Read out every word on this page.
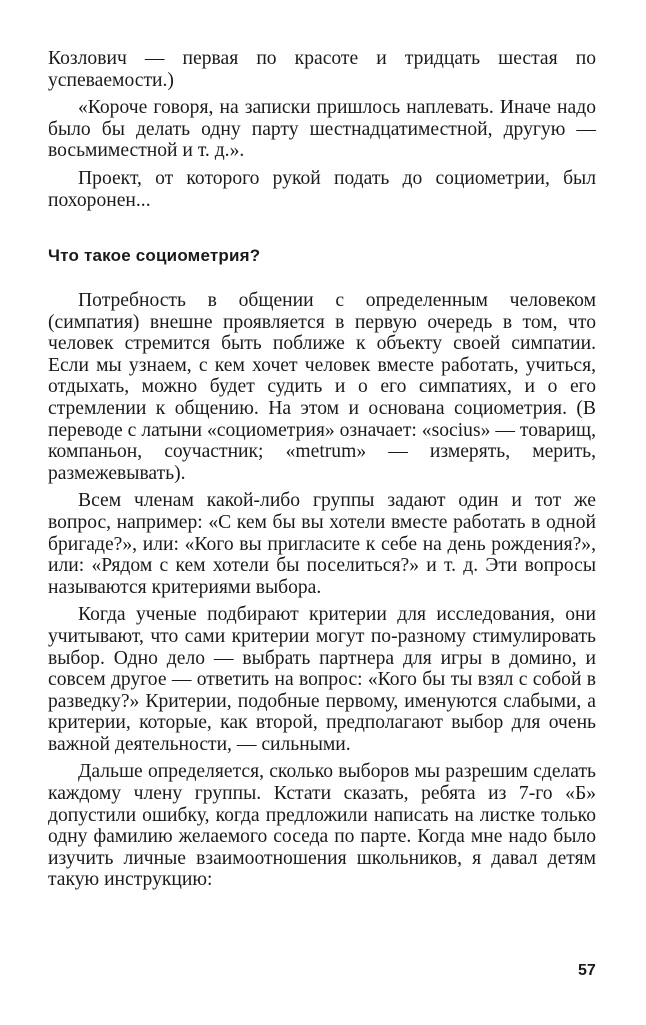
Козлович — первая по красоте и тридцать шестая по успеваемости.)

«Короче говоря, на записки пришлось наплевать. Иначе надо было бы делать одну парту шестнадцатиместной, другую — восьмиместной и т. д.».

Проект, от которого рукой подать до социометрии, был похоронен...

Что такое социометрия?

Потребность в общении с определенным человеком (симпатия) внешне проявляется в первую очередь в том, что человек стремится быть поближе к объекту своей симпатии. Если мы узнаем, с кем хочет человек вместе работать, учиться, отдыхать, можно будет судить и о его симпатиях, и о его стремлении к общению. На этом и основана социометрия. (В переводе с латыни «социометрия» означает: «socius» — товарищ, компаньон, соучастник; «metrum» — измерять, мерить, размежевывать).

Всем членам какой-либо группы задают один и тот же вопрос, например: «С кем бы вы хотели вместе работать в одной бригаде?», или: «Кого вы пригласите к себе на день рождения?», или: «Рядом с кем хотели бы поселиться?» и т. д. Эти вопросы называются критериями выбора.

Когда ученые подбирают критерии для исследования, они учитывают, что сами критерии могут по-разному стимулировать выбор. Одно дело — выбрать партнера для игры в домино, и совсем другое — ответить на вопрос: «Кого бы ты взял с собой в разведку?» Критерии, подобные первому, именуются слабыми, а критерии, которые, как второй, предполагают выбор для очень важной деятельности, — сильными.

Дальше определяется, сколько выборов мы разрешим сделать каждому члену группы. Кстати сказать, ребята из 7-го «Б» допустили ошибку, когда предложили написать на листке только одну фамилию желаемого соседа по парте. Когда мне надо было изучить личные взаимоотношения школьников, я давал детям такую инструкцию:

57
